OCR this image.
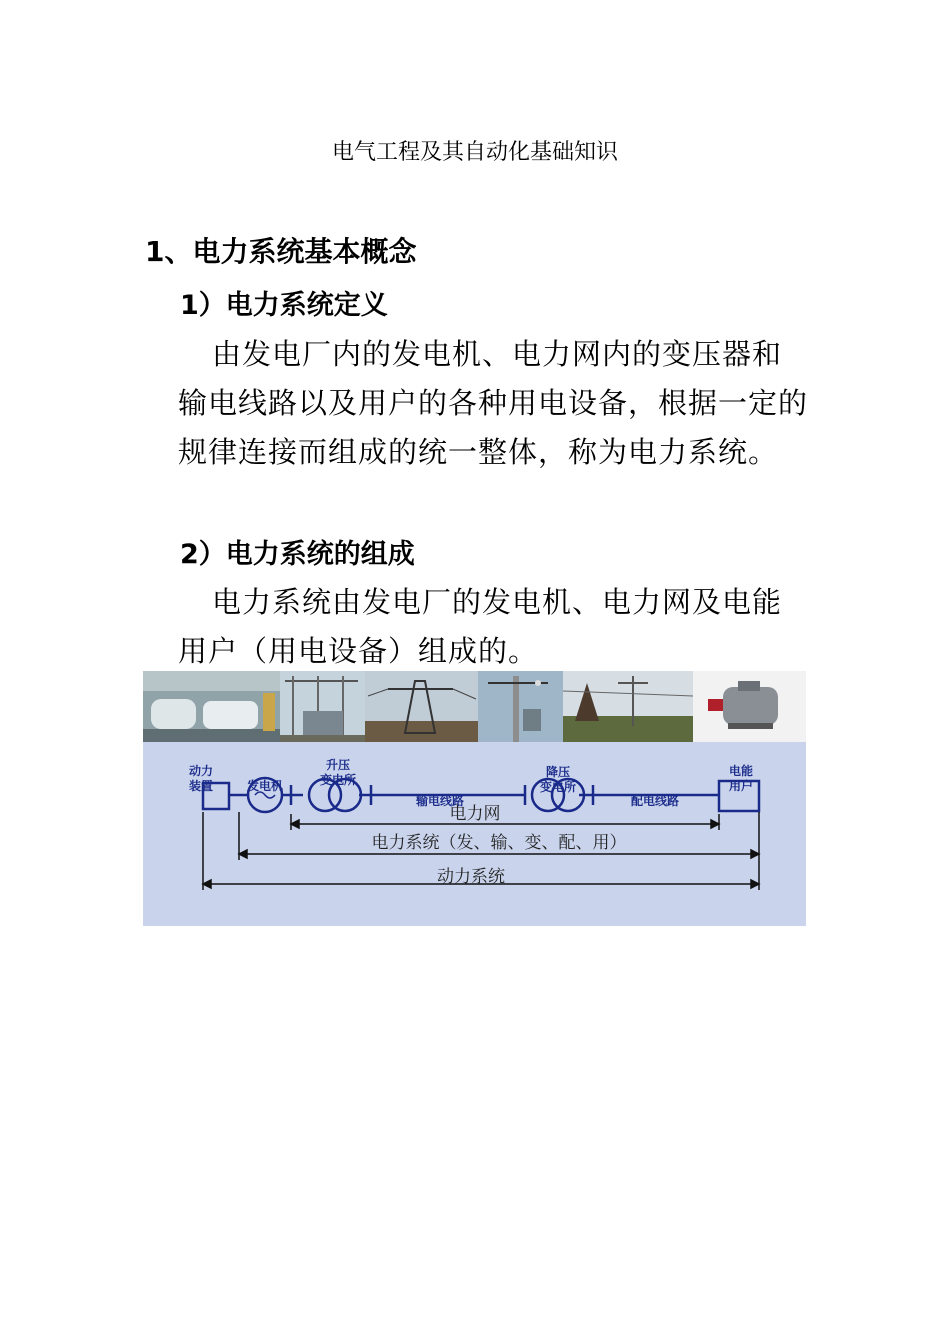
电气工程及其自动化基础知识
1、电力系统基本概念
1）电力系统定义
由发电厂内的发电机、电力网内的变压器和输电线路以及用户的各种用电设备，根据一定的规律连接而组成的统一整体，称为电力系统。
2）电力系统的组成
电力系统由发电厂的发电机、电力网及电能用户（用电设备）组成的。
动力
装置	发电机
升压
变电所
输电线路
降压
变电所
配电线路
电能
用户
电力网
电力系统（发、输、变、配、用）
动力系统
